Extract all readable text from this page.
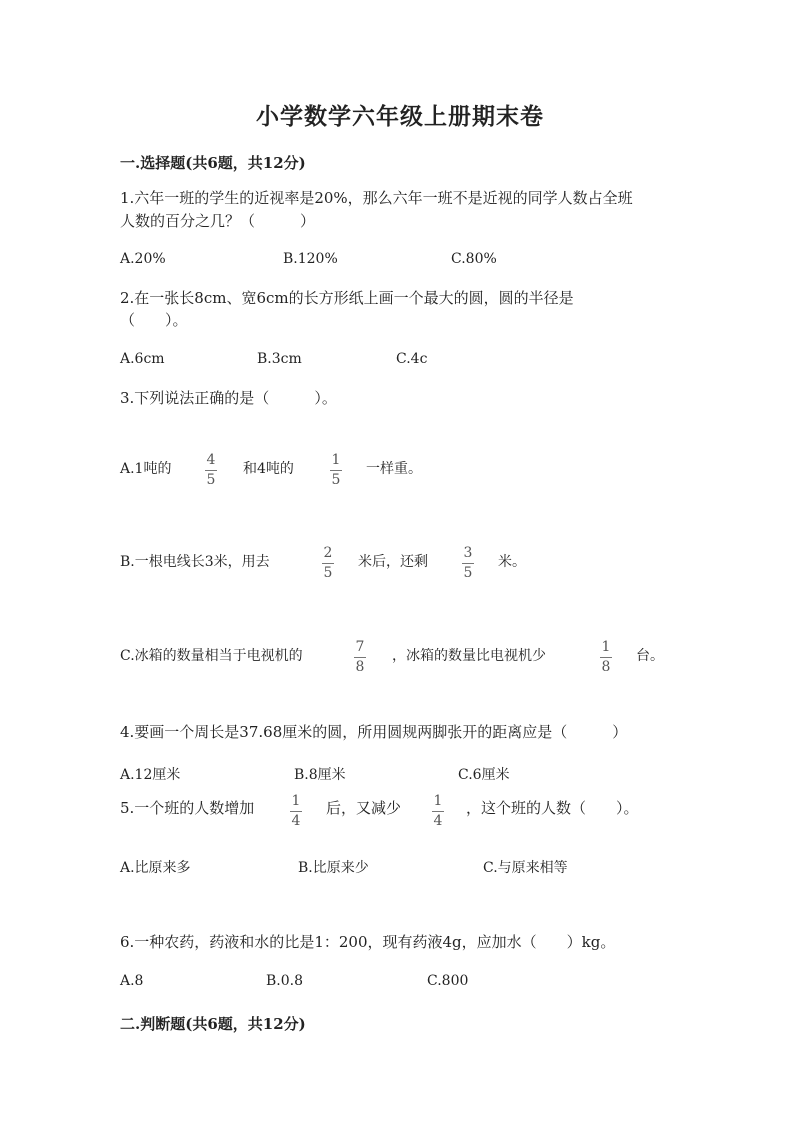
小学数学六年级上册期末卷
一.选择题(共6题，共12分)
1.六年一班的学生的近视率是20%，那么六年一班不是近视的同学人数占全班
人数的百分之几？（　　　）
A.20%	B.120%	C.80%
2.在一张长8cm、宽6cm的长方形纸上画一个最大的圆，圆的半径是
（　　）。
A.6cm	B.3cm	C.4c
3.下列说法正确的是（　　　）。
A.1吨的
4
5
和4吨的
1
5
一样重。
B.一根电线长3米，用去
2
5
米后，还剩
3
5
米。
C.冰箱的数量相当于电视机的
7
8
，冰箱的数量比电视机少
1
8
台。
4.要画一个周长是37.68厘米的圆，所用圆规两脚张开的距离应是（　　　）
A.12厘米	B.8厘米	C.6厘米
5.一个班的人数增加	1
4
后，又减少 1
4
，这个班的人数（　　）。
A.比原来多	B.比原来少	C.与原来相等
6.一种农药，药液和水的比是1：200，现有药液4g，应加水（　　）kg。
A.8	B.0.8	C.800
二.判断题(共6题，共12分)
